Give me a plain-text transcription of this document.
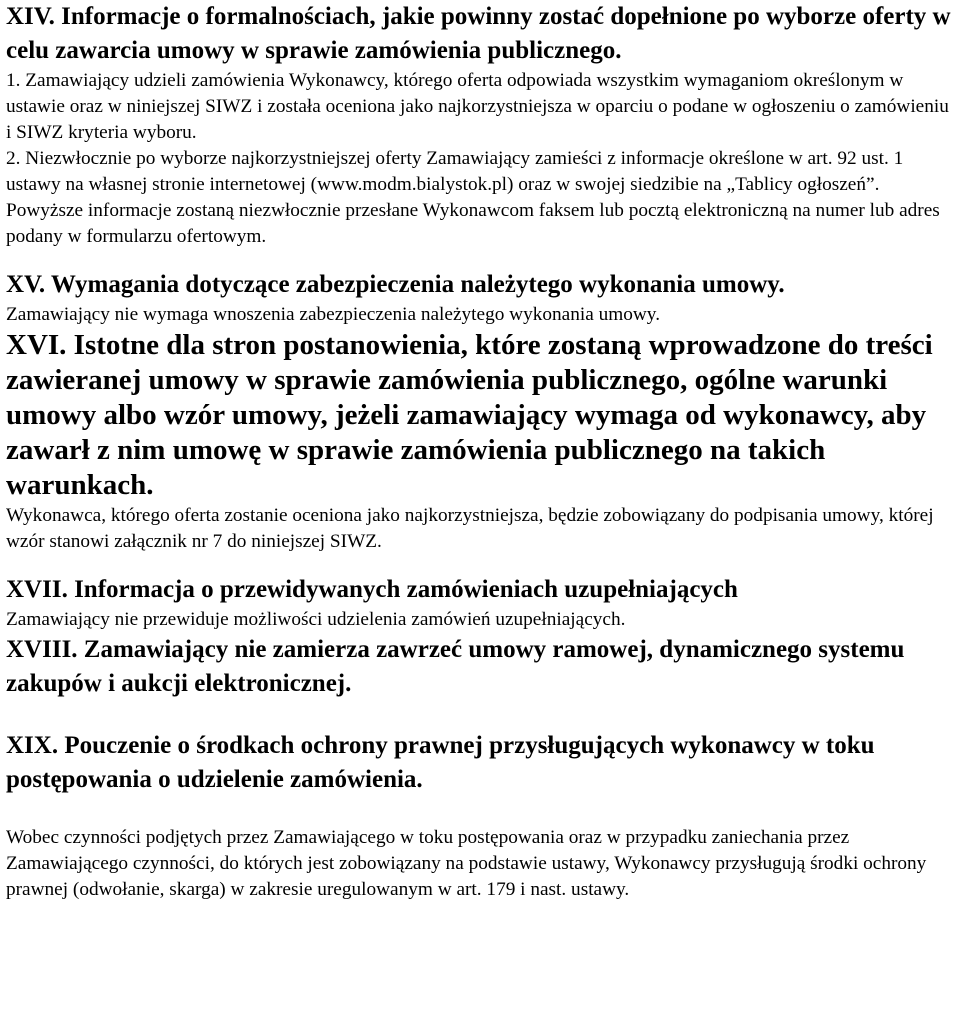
XIV. Informacje o formalnościach, jakie powinny zostać dopełnione po wyborze oferty w celu zawarcia umowy w sprawie zamówienia publicznego.

1. Zamawiający udzieli zamówienia Wykonawcy, którego oferta odpowiada wszystkim wymaganiom określonym w ustawie oraz w niniejszej SIWZ i została oceniona jako najkorzystniejsza w oparciu o podane w ogłoszeniu o zamówieniu i SIWZ kryteria wyboru.

2. Niezwłocznie po wyborze najkorzystniejszej oferty Zamawiający zamieści z informacje określone w art. 92 ust. 1 ustawy na własnej stronie internetowej (www.modm.bialystok.pl) oraz w swojej siedzibie na „Tablicy ogłoszeń”. Powyższe informacje zostaną niezwłocznie przesłane Wykonawcom faksem lub pocztą elektroniczną na numer lub adres podany w formularzu ofertowym.

XV. Wymagania dotyczące zabezpieczenia należytego wykonania umowy.

Zamawiający nie wymaga wnoszenia zabezpieczenia należytego wykonania umowy.

XVI. Istotne dla stron postanowienia, które zostaną wprowadzone do treści zawieranej umowy w sprawie zamówienia publicznego, ogólne warunki umowy albo wzór umowy, jeżeli zamawiający wymaga od wykonawcy, aby zawarł z nim umowę w sprawie zamówienia publicznego na takich warunkach.

Wykonawca, którego oferta zostanie oceniona jako najkorzystniejsza, będzie zobowiązany do podpisania umowy, której wzór stanowi załącznik nr 7 do niniejszej SIWZ.

XVII. Informacja o przewidywanych zamówieniach uzupełniających

Zamawiający nie przewiduje możliwości udzielenia zamówień uzupełniających.

XVIII. Zamawiający nie zamierza zawrzeć umowy ramowej, dynamicznego systemu zakupów i aukcji elektronicznej.
XIX. Pouczenie o środkach ochrony prawnej przysługujących wykonawcy w toku postępowania o udzielenie zamówienia.

Wobec czynności podjętych przez Zamawiającego w toku postępowania oraz w przypadku zaniechania przez Zamawiającego czynności, do których jest zobowiązany na podstawie ustawy, Wykonawcy przysługują środki ochrony prawnej (odwołanie, skarga) w zakresie uregulowanym w art. 179 i nast. ustawy.
